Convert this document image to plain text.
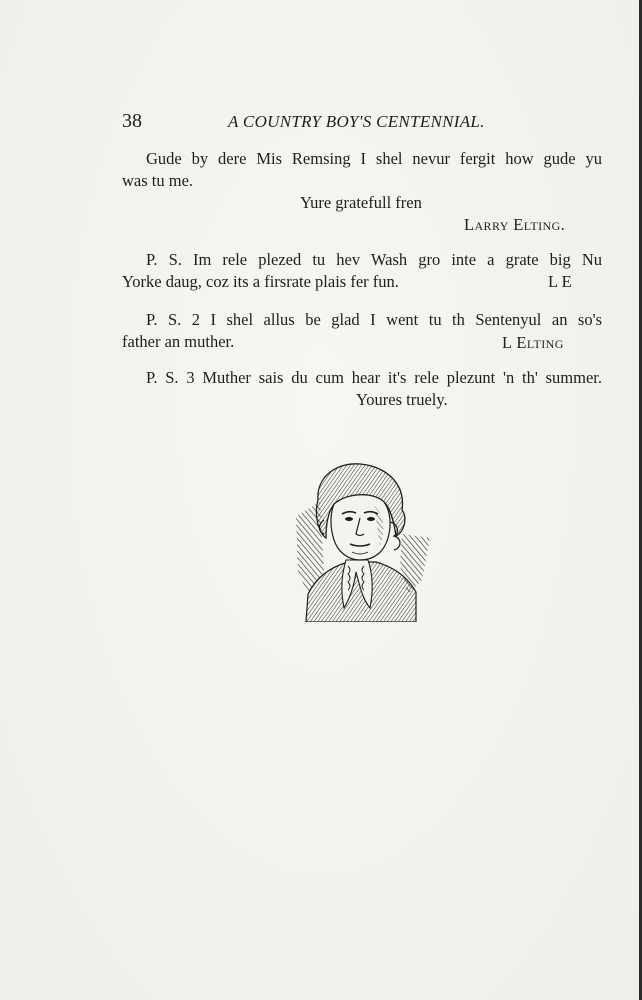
38	A COUNTRY BOY'S CENTENNIAL.
Gude by dere Mis Remsing I shel nevur fergit how gude yu
was tu me.
Yure gratefull fren
Larry Elting.
P. S. Im rele plezed tu hev Wash gro inte a grate big Nu
Yorke daug, coz its a firsrate plais fer fun.	L E
P. S. 2 I shel allus be glad I went tu th Sentenyul an so's
father an muther.	L Elting
P. S. 3 Muther sais du cum hear it's rele plezunt 'n th' summer.
Youres truely.
